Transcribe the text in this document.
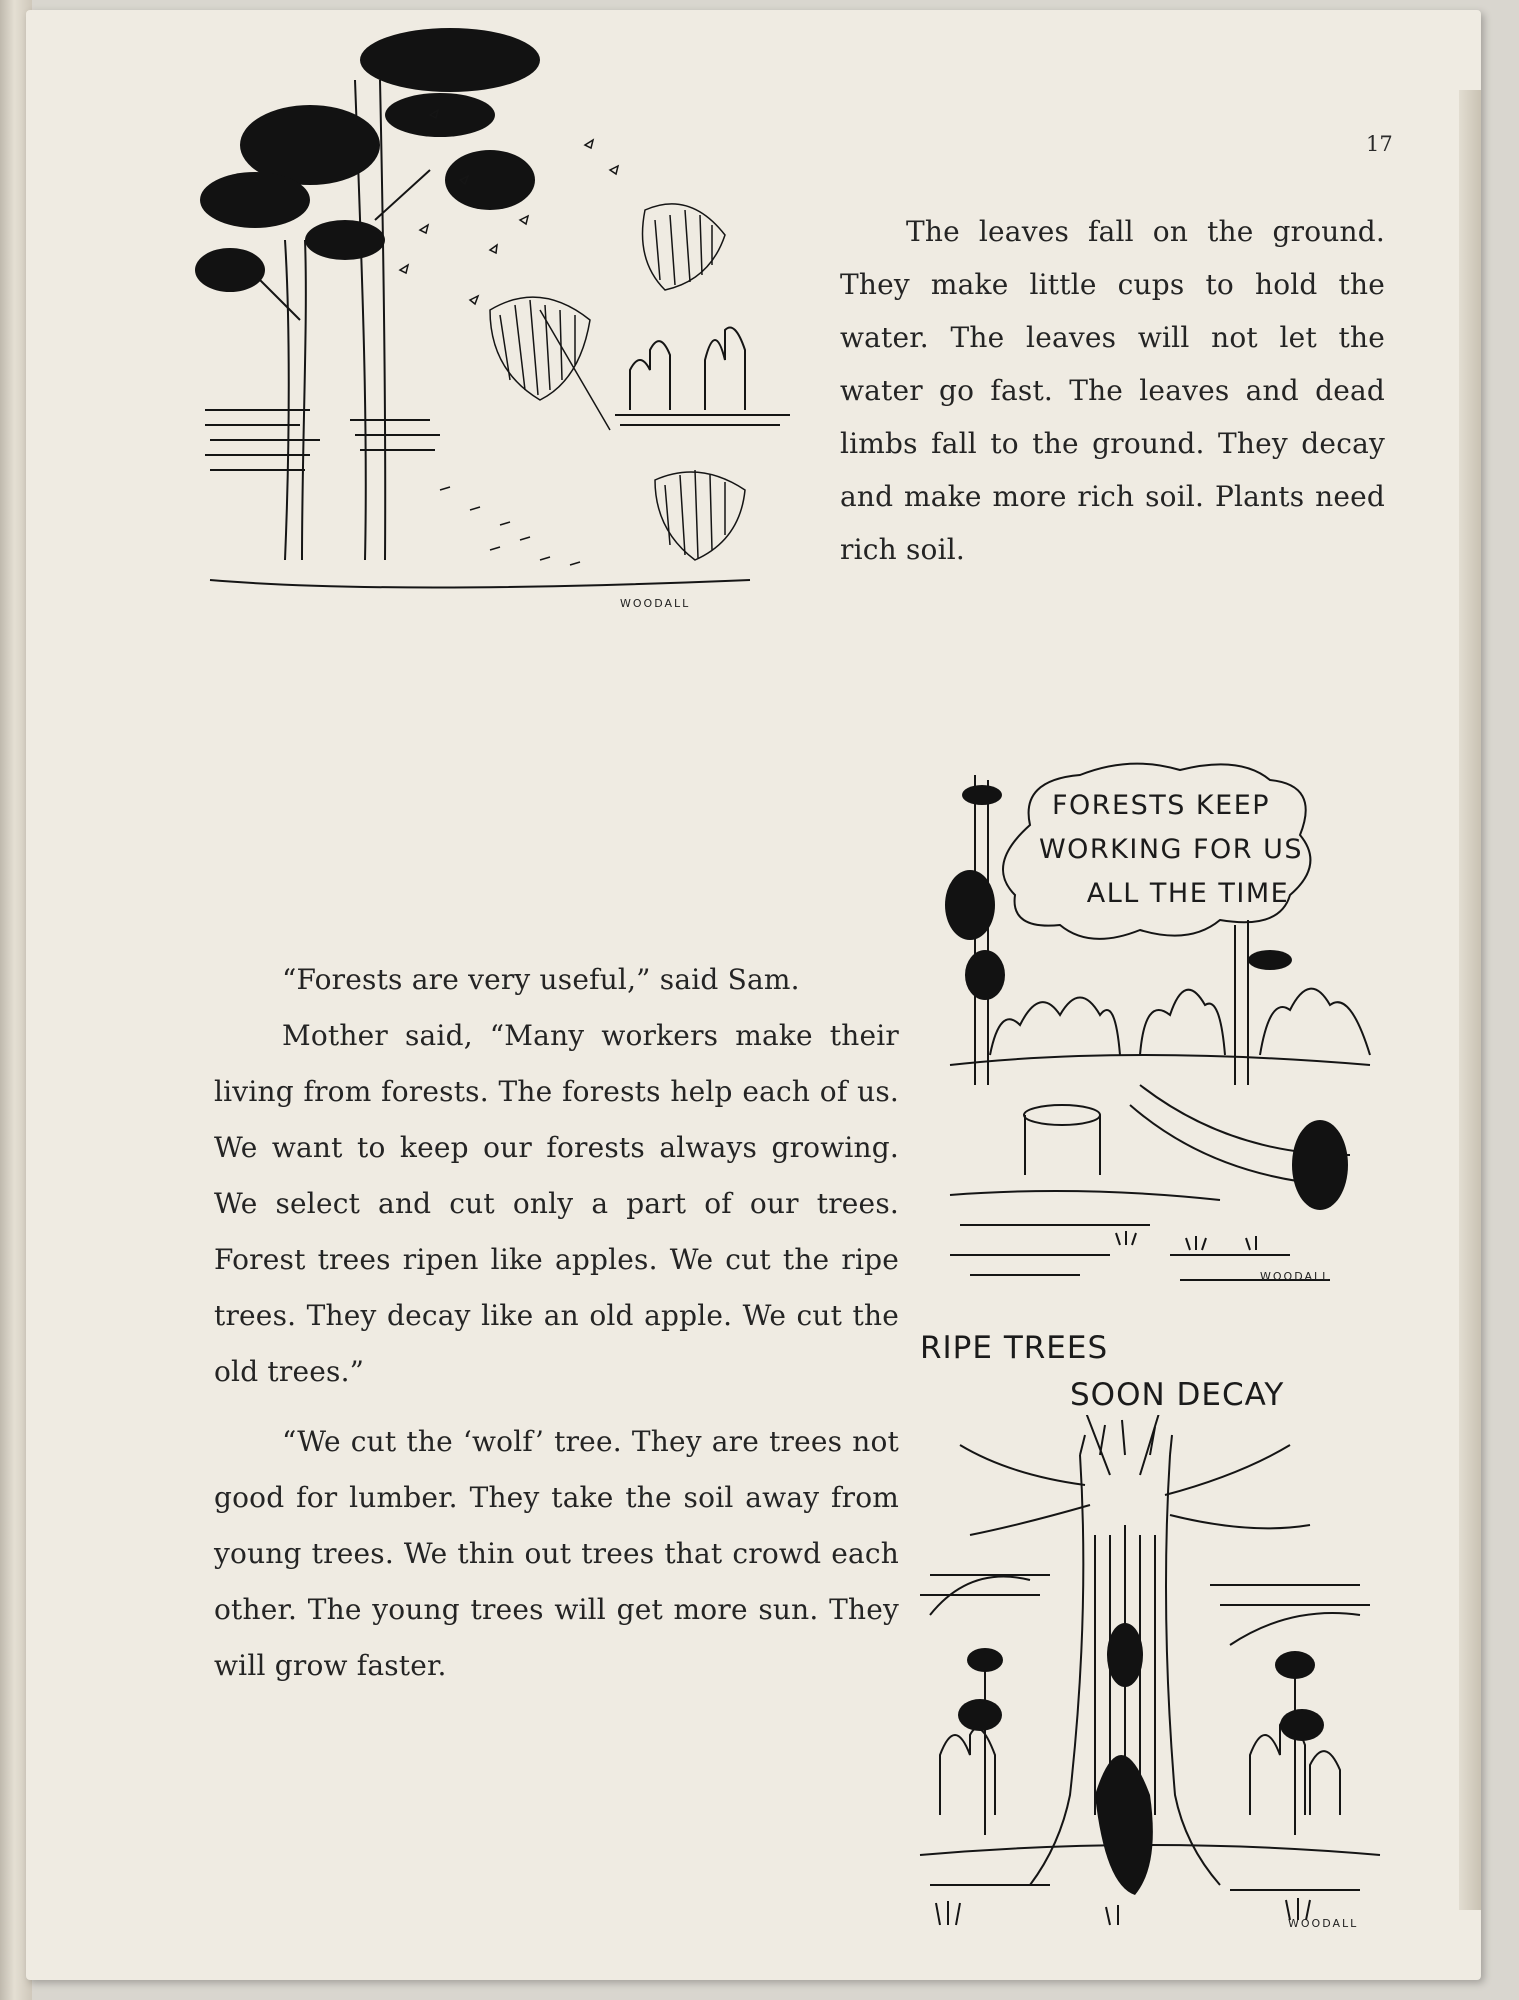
17
WOODALL

The leaves fall on the ground. They make little cups to hold the water. The leaves will not let the water go fast. The leaves and dead limbs fall to the ground. They decay and make more rich soil. Plants need rich soil.

WOODALL
FORESTS KEEP
WORKING FOR US
ALL THE TIME

“Forests are very useful,” said Sam.

Mother said, “Many workers make their living from forests. The forests help each of us. We want to keep our forests always growing. We select and cut only a part of our trees. Forest trees ripen like apples. We cut the ripe trees. They decay like an old apple. We cut the old trees.”

“We cut the ‘wolf’ tree. They are trees not good for lumber. They take the soil away from young trees. We thin out trees that crowd each other. The young trees will get more sun. They will grow faster.

RIPE TREES
SOON DECAY
WOODALL
